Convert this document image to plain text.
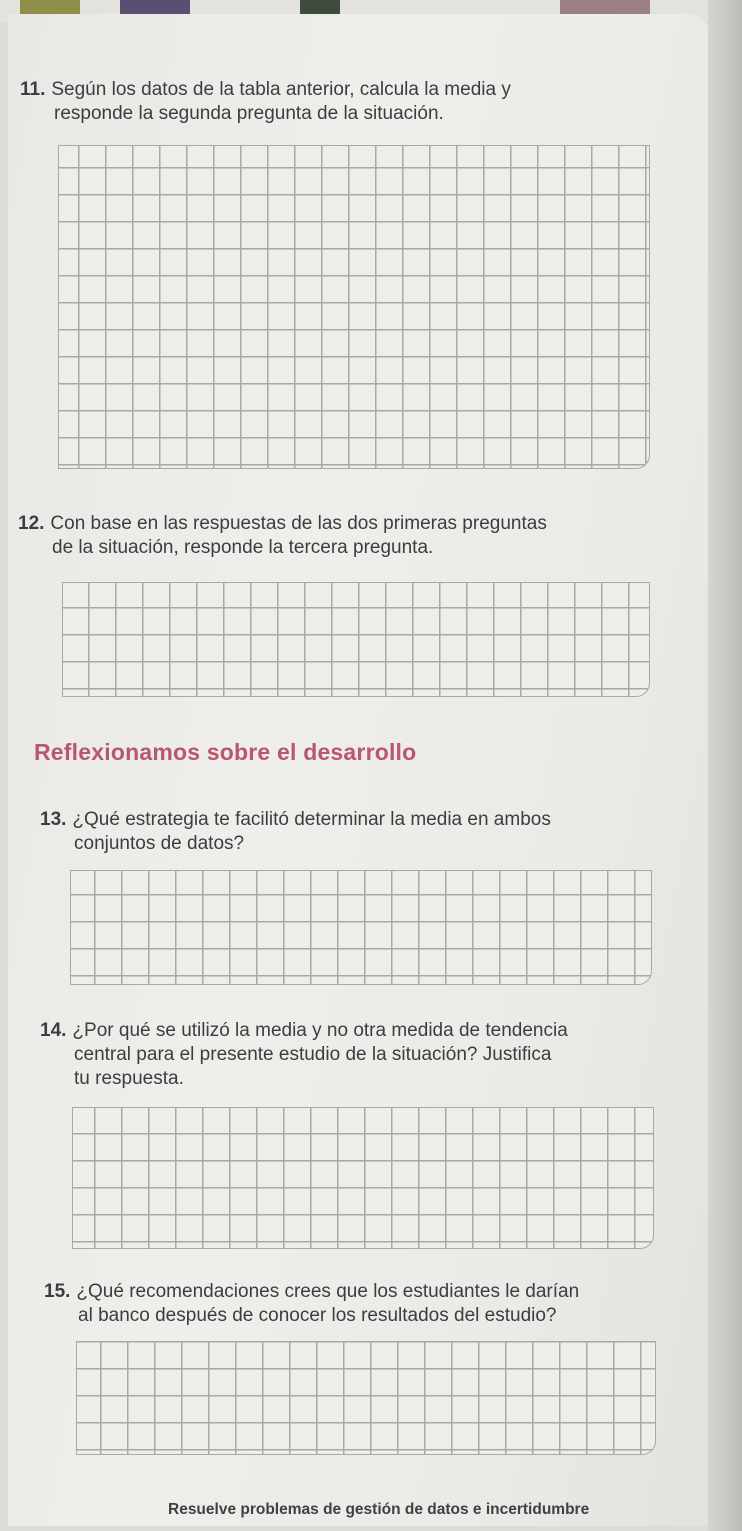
11. Según los datos de la tabla anterior, calcula la media y
responde la segunda pregunta de la situación.
12. Con base en las respuestas de las dos primeras preguntas
de la situación, responde la tercera pregunta.
Reflexionamos sobre el desarrollo
13. ¿Qué estrategia te facilitó determinar la media en ambos
conjuntos de datos?
14. ¿Por qué se utilizó la media y no otra medida de tendencia
central para el presente estudio de la situación? Justifica
tu respuesta.
15. ¿Qué recomendaciones crees que los estudiantes le darían
al banco después de conocer los resultados del estudio?
Resuelve problemas de gestión de datos e incertidumbre
